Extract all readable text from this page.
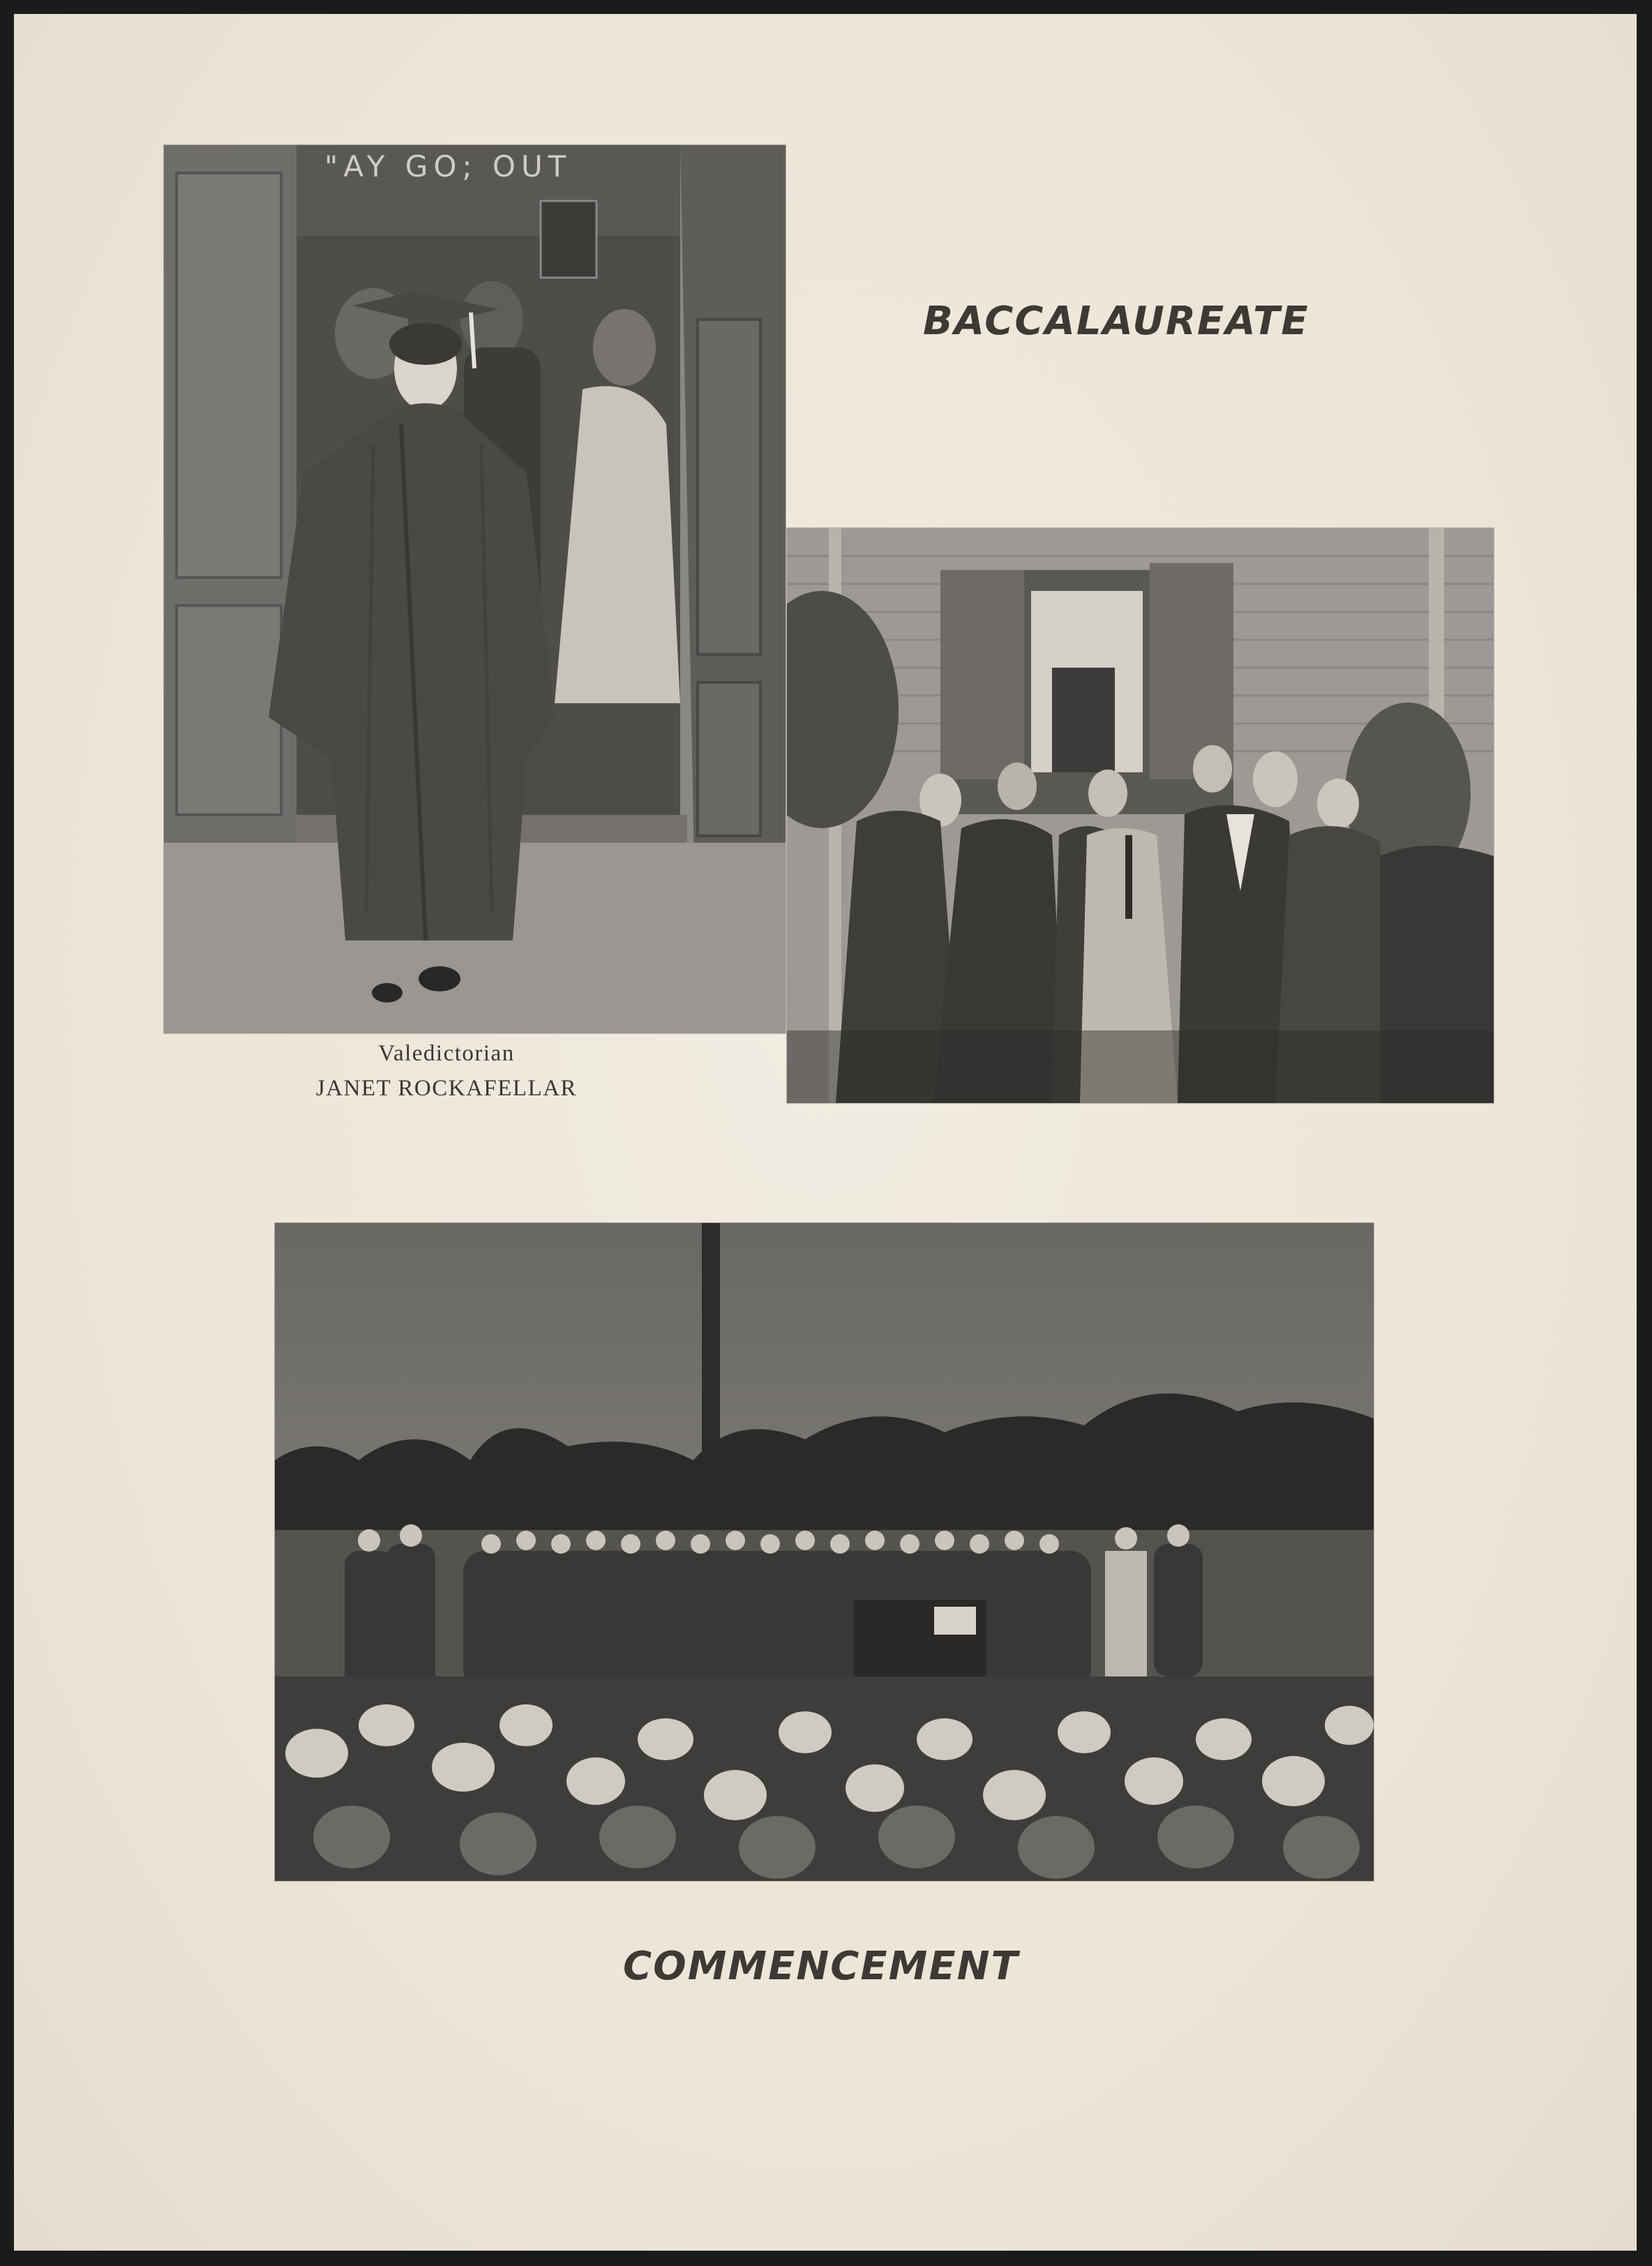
"AY GO; OUT
BACCALAUREATE
Valedictorian
JANET ROCKAFELLAR
COMMENCEMENT
